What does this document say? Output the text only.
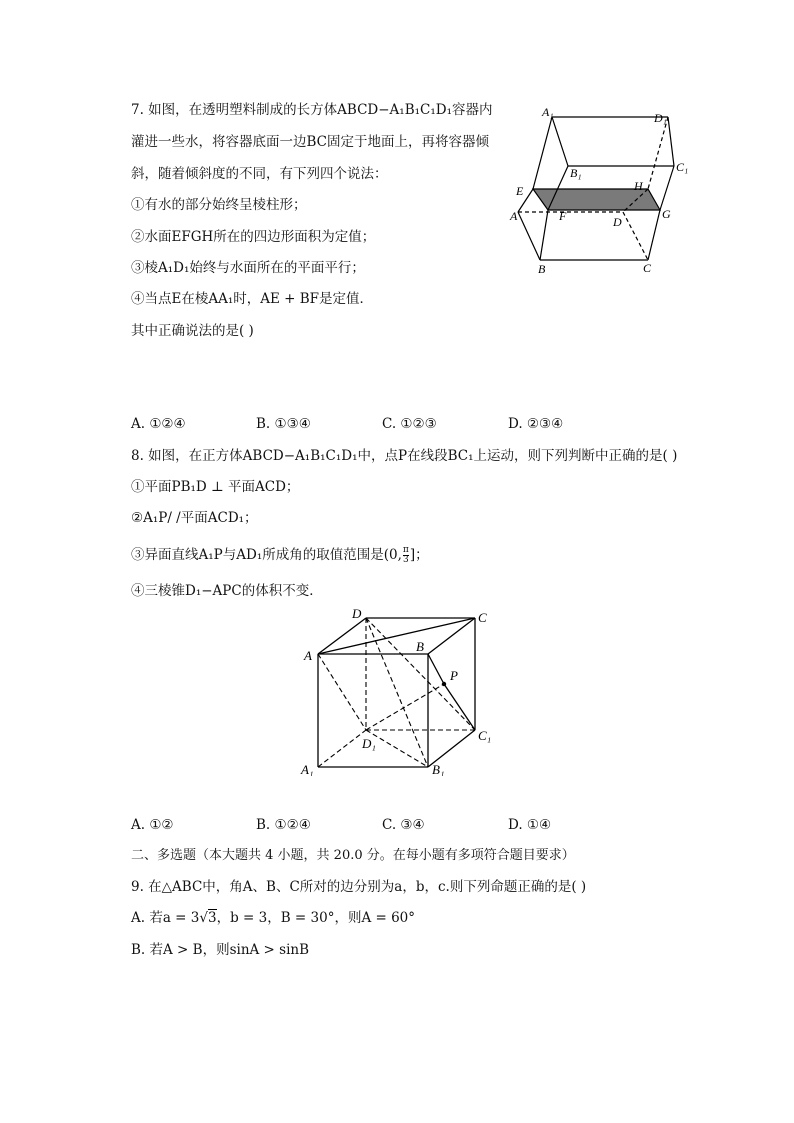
7. 如图，在透明塑料制成的长方体ABCD−A₁B₁C₁D₁容器内
灌进一些水，将容器底面一边BC固定于地面上，再将容器倾
斜，随着倾斜度的不同，有下列四个说法：
①有水的部分始终呈棱柱形；
②水面EFGH所在的四边形面积为定值；
③棱A₁D₁始终与水面所在的平面平行；
④当点E在棱AA₁时，AE + BF是定值．
其中正确说法的是( )
A₁	D₁
C₁
B₁
E	H
A	F	D
G
B	C
A. ①②④	B. ①③④	C. ①②③	D. ②③④
8. 如图，在正方体ABCD−A₁B₁C₁D₁中，点P在线段BC₁上运动，则下列判断中正确的是( )
①平面PB₁D ⊥ 平面ACD；
②A₁P/ /平面ACD₁；
③异面直线A₁P与AD₁所成角的取值范围是(0, $\frac{\pi}{3}$ ]；
④三棱锥D₁−APC的体积不变．
D	C
A
B
P
D₁
C₁
A₁	B₁
A. ①②	B. ①②④	C. ③④	D. ①④
二、多选题（本大题共 4 小题，共 20.0 分。在每小题有多项符合题目要求）
9. 在△ABC中，角A、B、C所对的边分别为a，b，c.则下列命题正确的是( )
A. 若a = 3√3，b = 3，B = 30°，则A = 60°
B. 若A > B，则sinA > sinB
